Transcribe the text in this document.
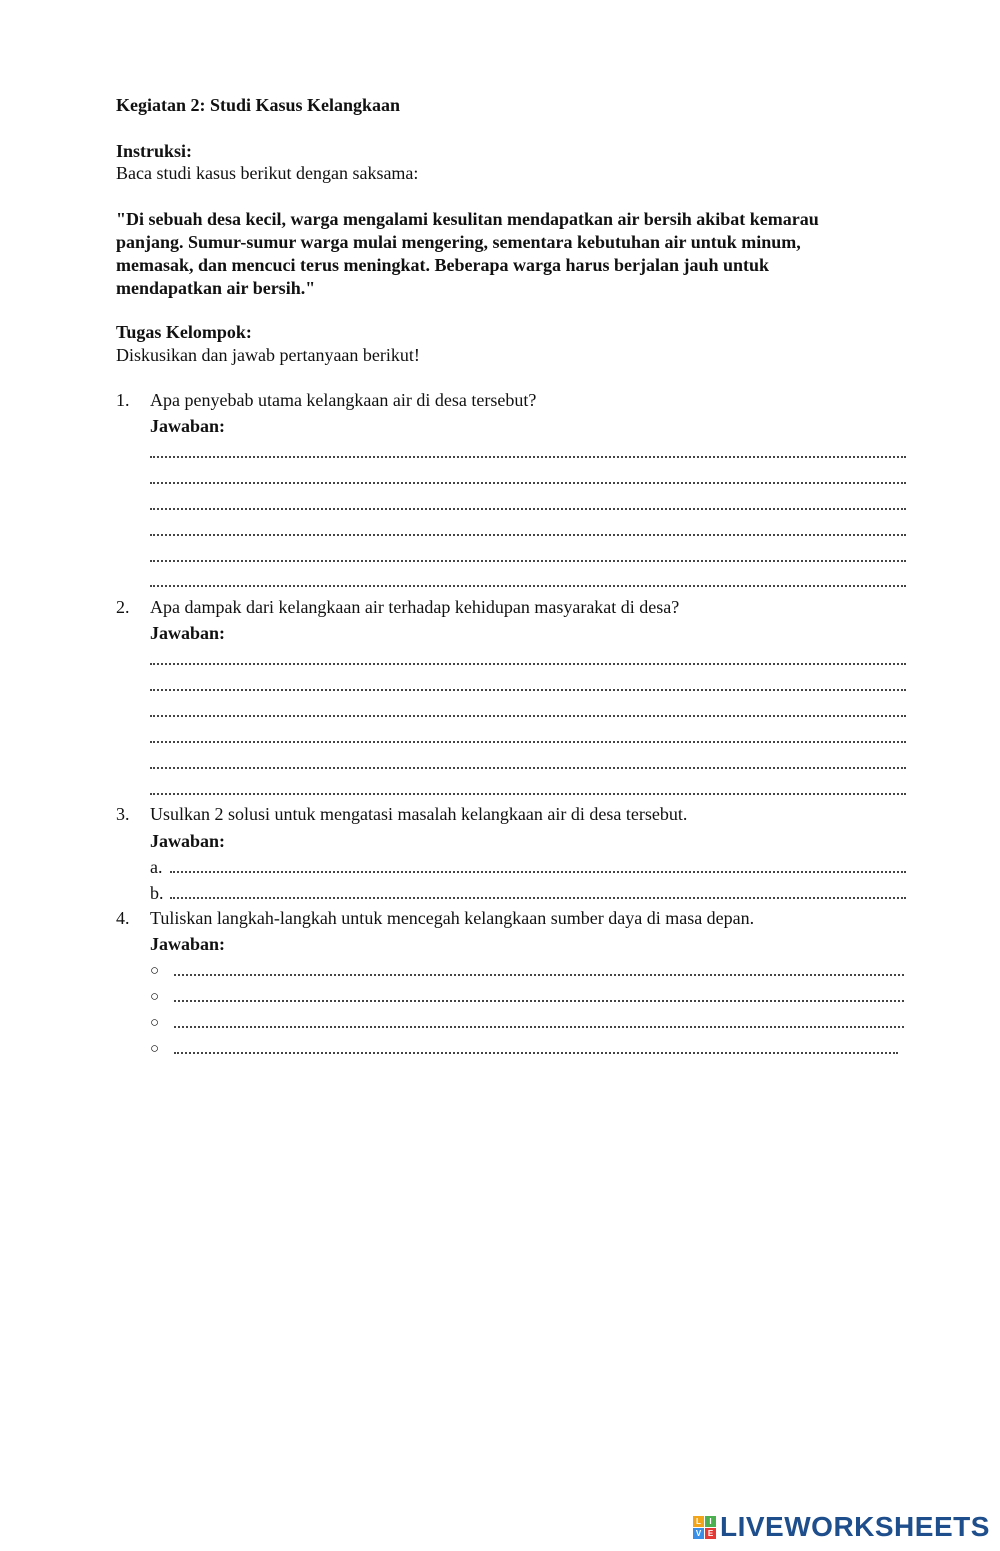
Kegiatan 2: Studi Kasus Kelangkaan
Instruksi:
Baca studi kasus berikut dengan saksama:
"Di sebuah desa kecil, warga mengalami kesulitan mendapatkan air bersih akibat kemarau
panjang. Sumur-sumur warga mulai mengering, sementara kebutuhan air untuk minum,
memasak, dan mencuci terus meningkat. Beberapa warga harus berjalan jauh untuk
mendapatkan air bersih."
Tugas Kelompok:
Diskusikan dan jawab pertanyaan berikut!
1. Apa penyebab utama kelangkaan air di desa tersebut?
Jawaban:
2. Apa dampak dari kelangkaan air terhadap kehidupan masyarakat di desa?
Jawaban:
3. Usulkan 2 solusi untuk mengatasi masalah kelangkaan air di desa tersebut.
Jawaban:
a.
b.
4. Tuliskan langkah-langkah untuk mencegah kelangkaan sumber daya di masa depan.
Jawaban:
○
○
○
○
L	I
V E LIVEWORKSHEETS
